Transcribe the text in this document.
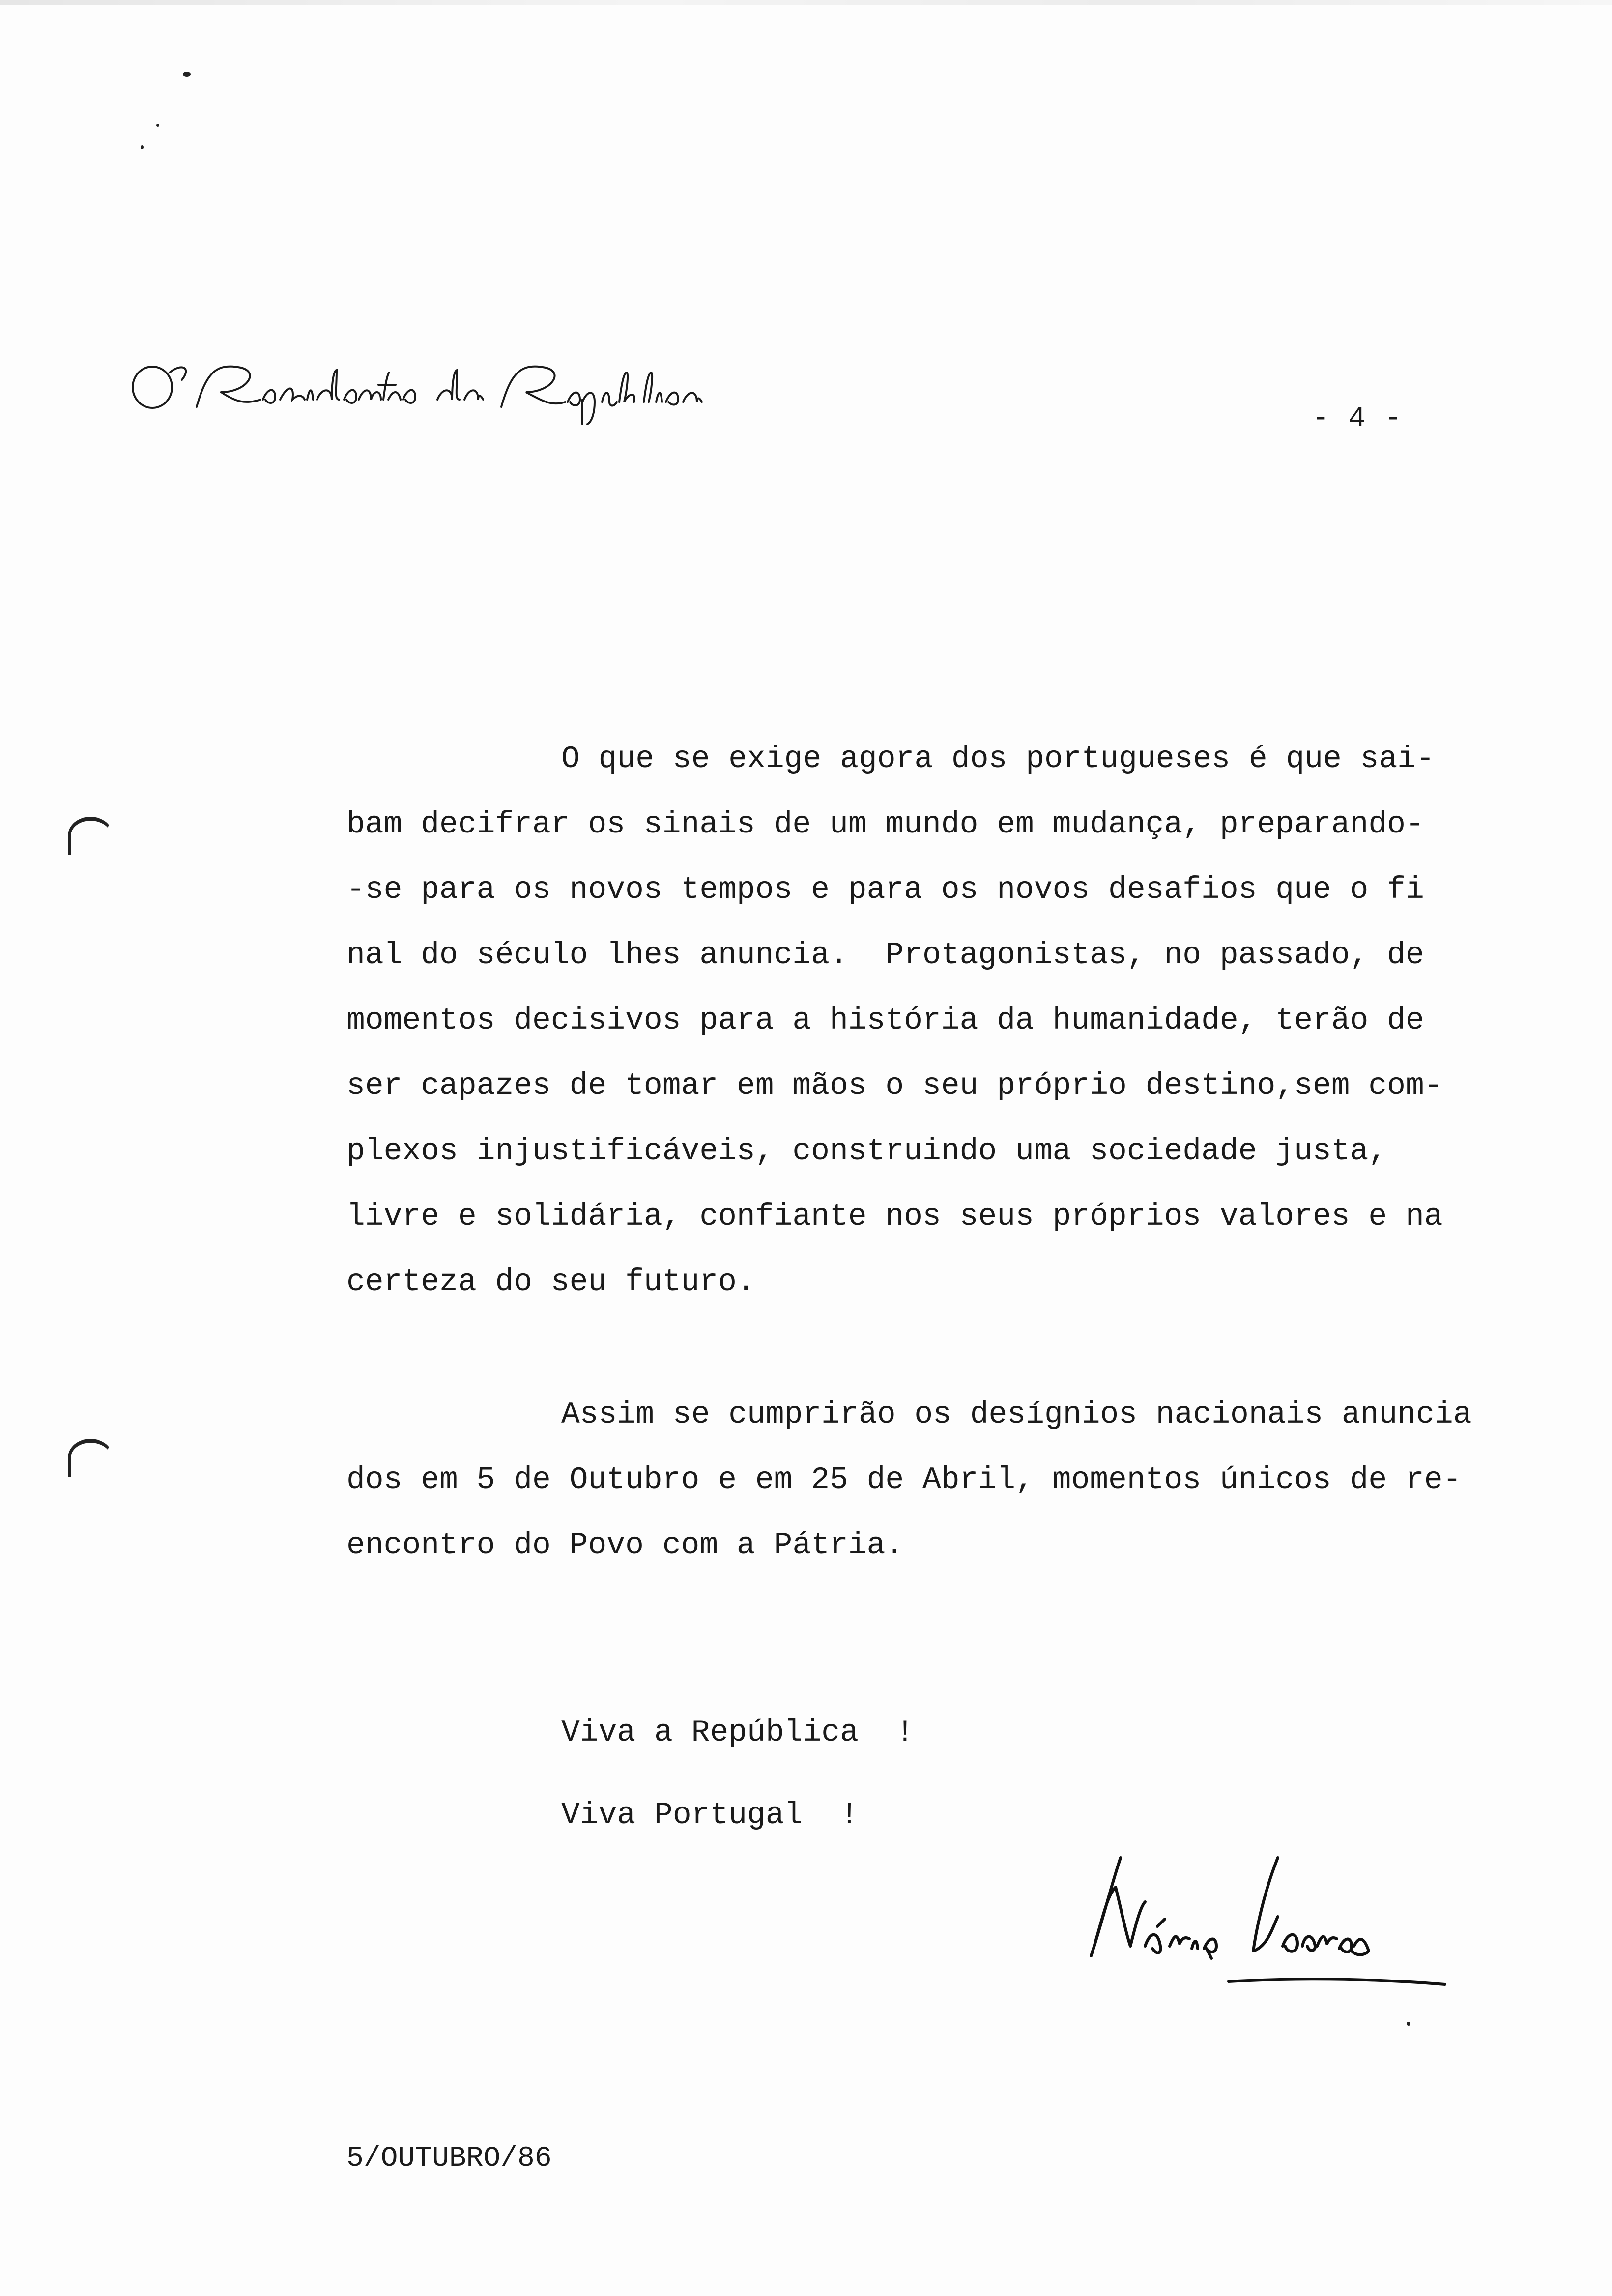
O Presidente da República	- 4 -
O que se exige agora dos portugueses é que sai-
bam decifrar os sinais de um mundo em mudança, preparando-
-se para os novos tempos e para os novos desafios que o fi
nal do século lhes anuncia.  Protagonistas, no passado, de
momentos decisivos para a história da humanidade, terão de
ser capazes de tomar em mãos o seu próprio destino,sem com-
plexos injustificáveis, construindo uma sociedade justa,
livre e solidária, confiante nos seus próprios valores e na
certeza do seu futuro.
Assim se cumprirão os desígnios nacionais anuncia
dos em 5 de Outubro e em 25 de Abril, momentos únicos de re-
encontro do Povo com a Pátria.
Viva a República  !
Viva Portugal  !
Mário Soares
5/OUTUBRO/86
